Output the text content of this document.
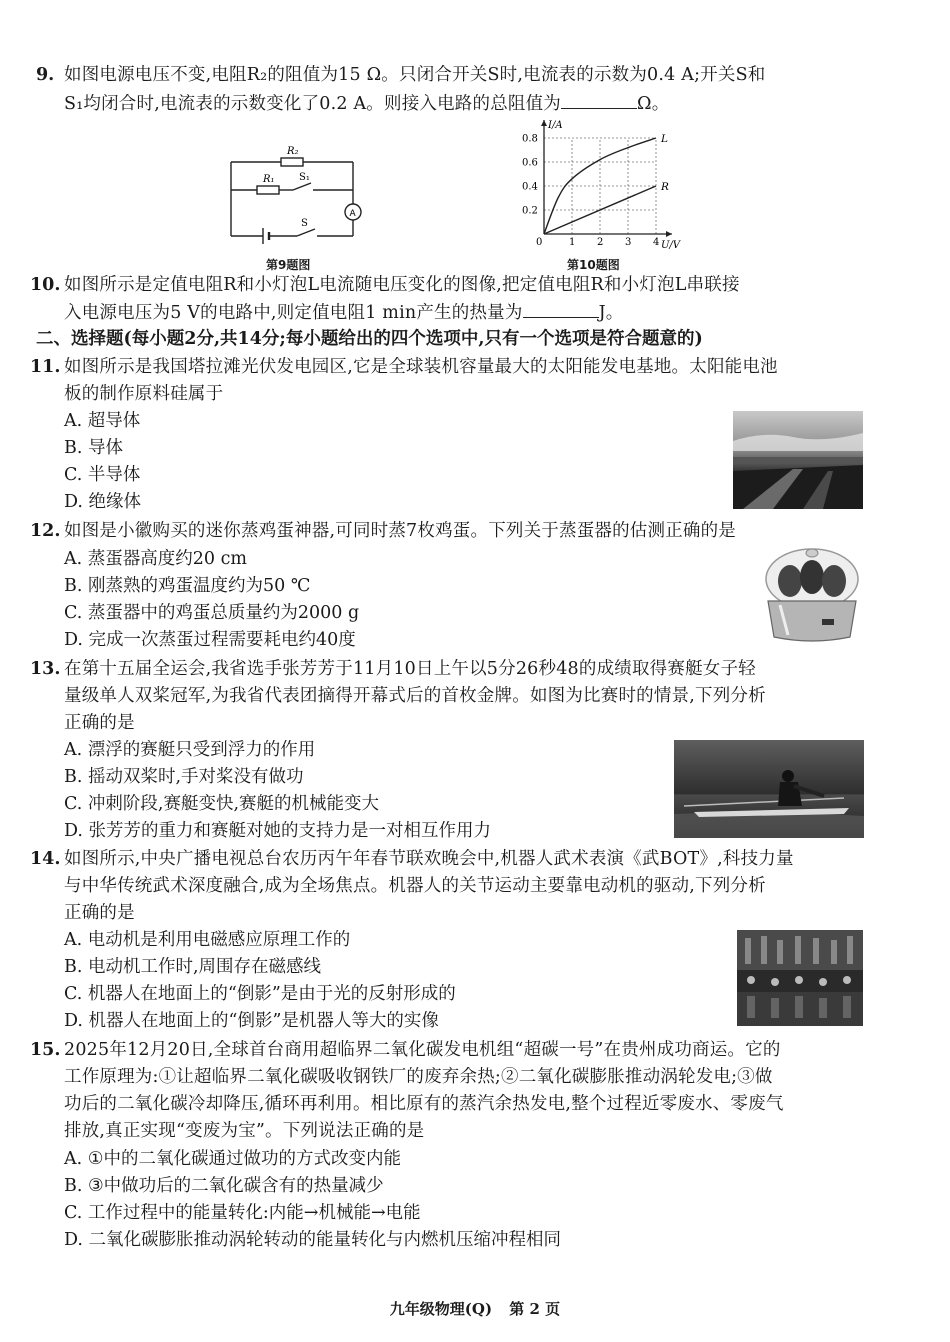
9. 如图电源电压不变,电阻R₂的阻值为15 Ω。只闭合开关S时,电流表的示数为0.4 A;开关S和
S₁均闭合时,电流表的示数变化了0.2 A。则接入电路的总阻值为	Ω。
R₂
R₁ S₁
S
A
第9题图
0	1 2 3 4
0.2
0.4
0.6
0.8
U/V
I/A
L
R
第10题图
10. 如图所示是定值电阻R和小灯泡L电流随电压变化的图像,把定值电阻R和小灯泡L串联接
入电源电压为5 V的电路中,则定值电阻1 min产生的热量为	J。
二、选择题(每小题2分,共14分;每小题给出的四个选项中,只有一个选项是符合题意的)
11. 如图所示是我国塔拉滩光伏发电园区,它是全球装机容量最大的太阳能发电基地。太阳能电池
板的制作原料硅属于
A. 超导体
B. 导体
C. 半导体
D. 绝缘体
12. 如图是小徽购买的迷你蒸鸡蛋神器,可同时蒸7枚鸡蛋。下列关于蒸蛋器的估测正确的是
A. 蒸蛋器高度约20 cm
B. 刚蒸熟的鸡蛋温度约为50 ℃
C. 蒸蛋器中的鸡蛋总质量约为2000 g
D. 完成一次蒸蛋过程需要耗电约40度
13. 在第十五届全运会,我省选手张芳芳于11月10日上午以5分26秒48的成绩取得赛艇女子轻
量级单人双桨冠军,为我省代表团摘得开幕式后的首枚金牌。如图为比赛时的情景,下列分析
正确的是
A. 漂浮的赛艇只受到浮力的作用
B. 摇动双桨时,手对桨没有做功
C. 冲刺阶段,赛艇变快,赛艇的机械能变大
D. 张芳芳的重力和赛艇对她的支持力是一对相互作用力
14. 如图所示,中央广播电视总台农历丙午年春节联欢晚会中,机器人武术表演《武BOT》,科技力量
与中华传统武术深度融合,成为全场焦点。机器人的关节运动主要靠电动机的驱动,下列分析
正确的是
A. 电动机是利用电磁感应原理工作的
B. 电动机工作时,周围存在磁感线
C. 机器人在地面上的“倒影”是由于光的反射形成的
D. 机器人在地面上的“倒影”是机器人等大的实像
15. 2025年12月20日,全球首台商用超临界二氧化碳发电机组“超碳一号”在贵州成功商运。它的
工作原理为:①让超临界二氧化碳吸收钢铁厂的废弃余热;②二氧化碳膨胀推动涡轮发电;③做
功后的二氧化碳冷却降压,循环再利用。相比原有的蒸汽余热发电,整个过程近零废水、零废气
排放,真正实现“变废为宝”。下列说法正确的是
A. ①中的二氧化碳通过做功的方式改变内能
B. ③中做功后的二氧化碳含有的热量减少
C. 工作过程中的能量转化:内能→机械能→电能
D. 二氧化碳膨胀推动涡轮转动的能量转化与内燃机压缩冲程相同
九年级物理(Q) 第 2 页
